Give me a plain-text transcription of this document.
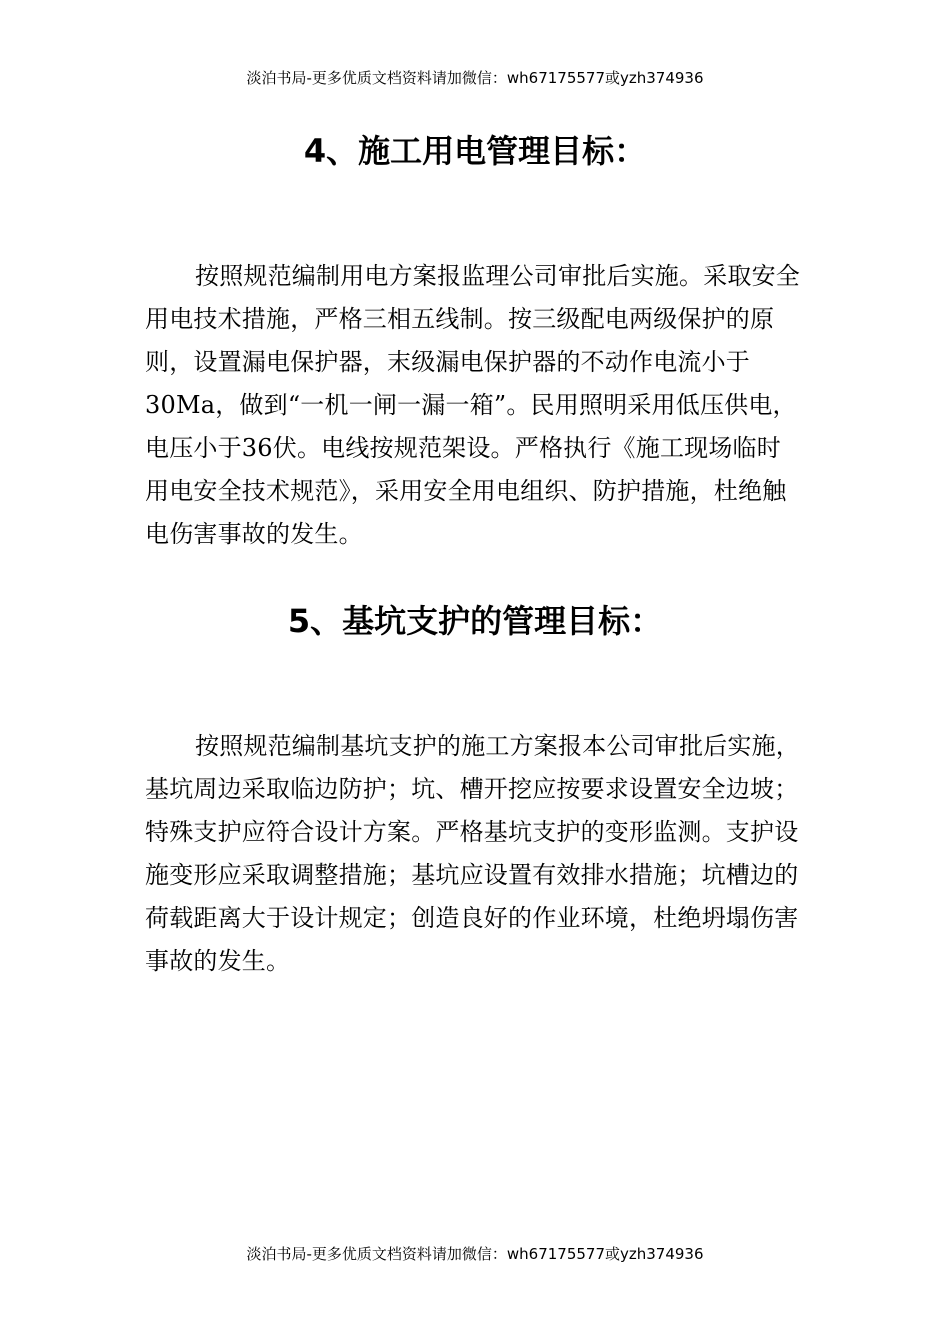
淡泊书局-更多优质文档资料请加微信：wh67175577或yzh374936

4、施工用电管理目标：

按照规范编制用电方案报监理公司审批后实施。采取安全用电技术措施，严格三相五线制。按三级配电两级保护的原则，设置漏电保护器，末级漏电保护器的不动作电流小于30Ma，做到“一机一闸一漏一箱”。民用照明采用低压供电，电压小于36伏。电线按规范架设。严格执行《施工现场临时用电安全技术规范》，采用安全用电组织、防护措施，杜绝触电伤害事故的发生。

5、基坑支护的管理目标：

按照规范编制基坑支护的施工方案报本公司审批后实施，基坑周边采取临边防护；坑、槽开挖应按要求设置安全边坡；特殊支护应符合设计方案。严格基坑支护的变形监测。支护设施变形应采取调整措施；基坑应设置有效排水措施；坑槽边的荷载距离大于设计规定；创造良好的作业环境，杜绝坍塌伤害事故的发生。

淡泊书局-更多优质文档资料请加微信：wh67175577或yzh374936
